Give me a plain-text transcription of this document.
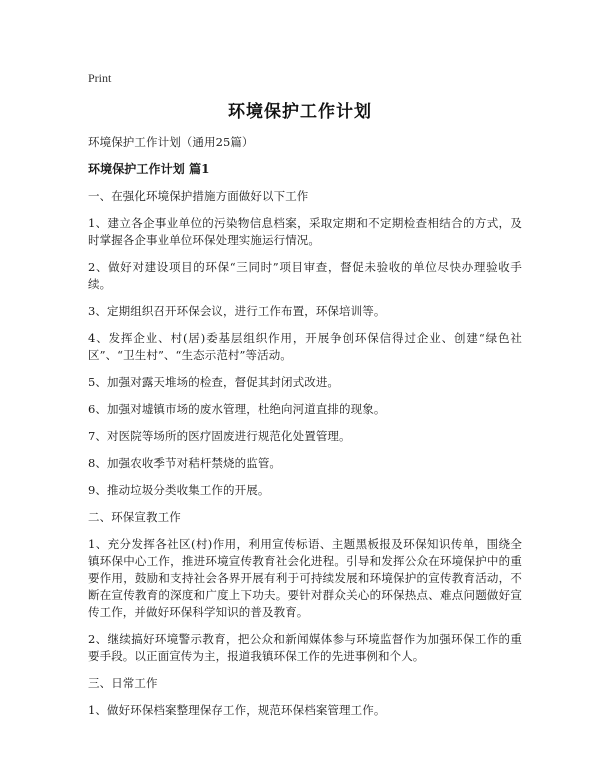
Print
环境保护工作计划

环境保护工作计划（通用25篇）

环境保护工作计划 篇1

一、在强化环境保护措施方面做好以下工作

1、建立各企事业单位的污染物信息档案，采取定期和不定期检查相结合的方式，及时掌握各企事业单位环保处理实施运行情况。

2、做好对建设项目的环保“三同时”项目审查，督促未验收的单位尽快办理验收手续。

3、定期组织召开环保会议，进行工作布置，环保培训等。

4、发挥企业、村(居)委基层组织作用，开展争创环保信得过企业、创建“绿色社区”、“卫生村”、“生态示范村”等活动。

5、加强对露天堆场的检查，督促其封闭式改进。

6、加强对墟镇市场的废水管理，杜绝向河道直排的现象。

7、对医院等场所的医疗固废进行规范化处置管理。

8、加强农收季节对秸杆禁烧的监管。

9、推动垃圾分类收集工作的开展。

二、环保宣教工作

1、充分发挥各社区(村)作用，利用宣传标语、主题黑板报及环保知识传单，围绕全镇环保中心工作，推进环境宣传教育社会化进程。引导和发挥公众在环境保护中的重要作用，鼓励和支持社会各界开展有利于可持续发展和环境保护的宣传教育活动，不断在宣传教育的深度和广度上下功夫。要针对群众关心的环保热点、难点问题做好宣传工作，并做好环保科学知识的普及教育。

2、继续搞好环境警示教育，把公众和新闻媒体参与环境监督作为加强环保工作的重要手段。以正面宣传为主，报道我镇环保工作的先进事例和个人。

三、日常工作

1、做好环保档案整理保存工作，规范环保档案管理工作。
